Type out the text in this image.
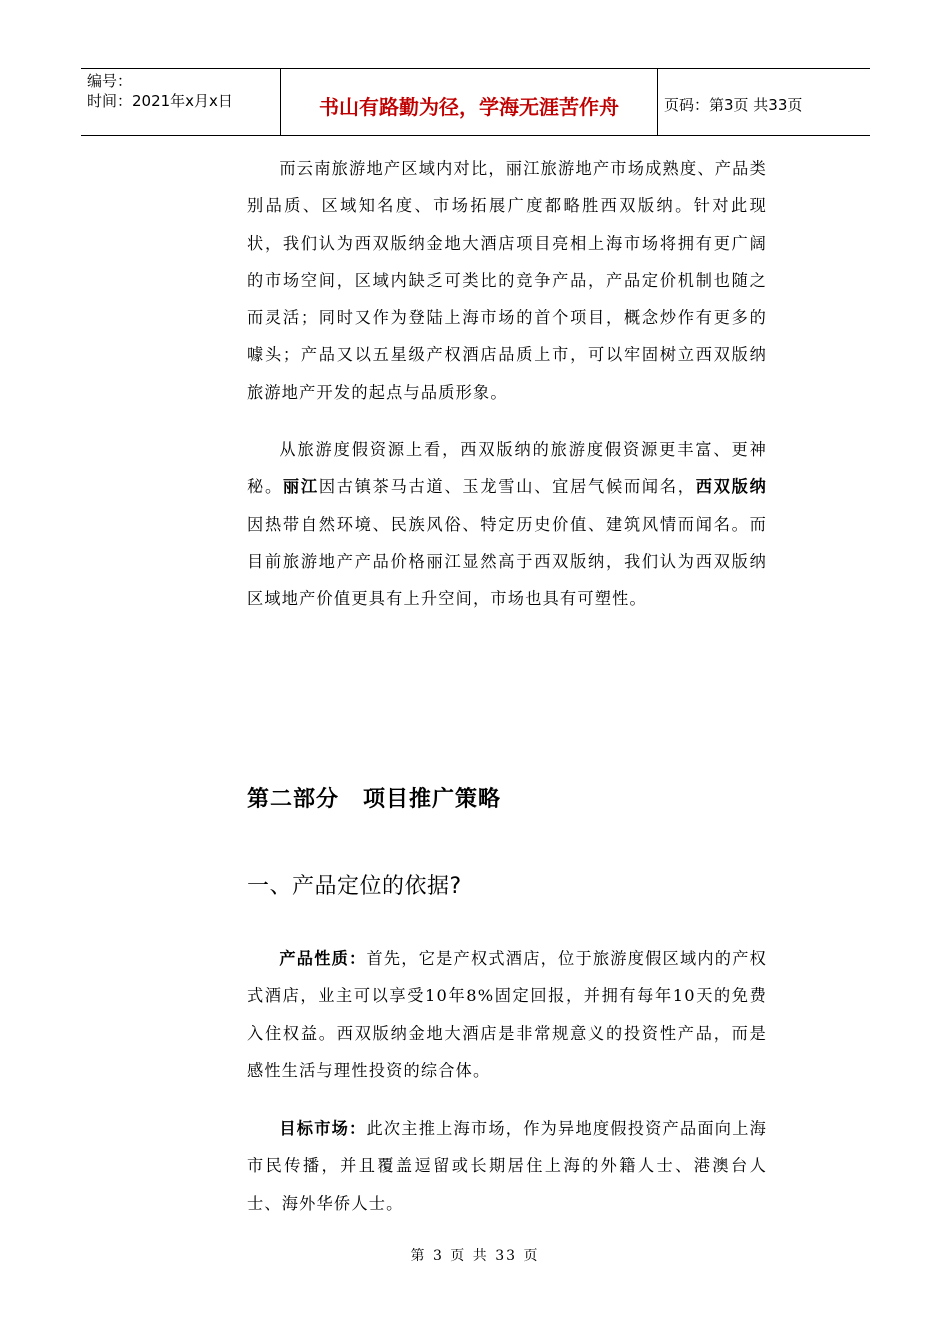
编号：
时间：2021年x月x日	书山有路勤为径，学海无涯苦作舟	页码：第3页 共33页

而云南旅游地产区域内对比，丽江旅游地产市场成熟度、产品类别品质、区域知名度、市场拓展广度都略胜西双版纳。针对此现状，我们认为西双版纳金地大酒店项目亮相上海市场将拥有更广阔的市场空间，区域内缺乏可类比的竞争产品，产品定价机制也随之而灵活；同时又作为登陆上海市场的首个项目，概念炒作有更多的噱头；产品又以五星级产权酒店品质上市，可以牢固树立西双版纳旅游地产开发的起点与品质形象。

从旅游度假资源上看，西双版纳的旅游度假资源更丰富、更神秘。丽江因古镇茶马古道、玉龙雪山、宜居气候而闻名，西双版纳因热带自然环境、民族风俗、特定历史价值、建筑风情而闻名。而目前旅游地产产品价格丽江显然高于西双版纳，我们认为西双版纳区域地产价值更具有上升空间，市场也具有可塑性。

第二部分 项目推广策略
一、产品定位的依据?

产品性质：首先，它是产权式酒店，位于旅游度假区域内的产权式酒店，业主可以享受10年8%固定回报，并拥有每年10天的免费入住权益。西双版纳金地大酒店是非常规意义的投资性产品，而是感性生活与理性投资的综合体。

目标市场：此次主推上海市场，作为异地度假投资产品面向上海市民传播，并且覆盖逗留或长期居住上海的外籍人士、港澳台人士、海外华侨人士。

第 3 页 共 33 页
